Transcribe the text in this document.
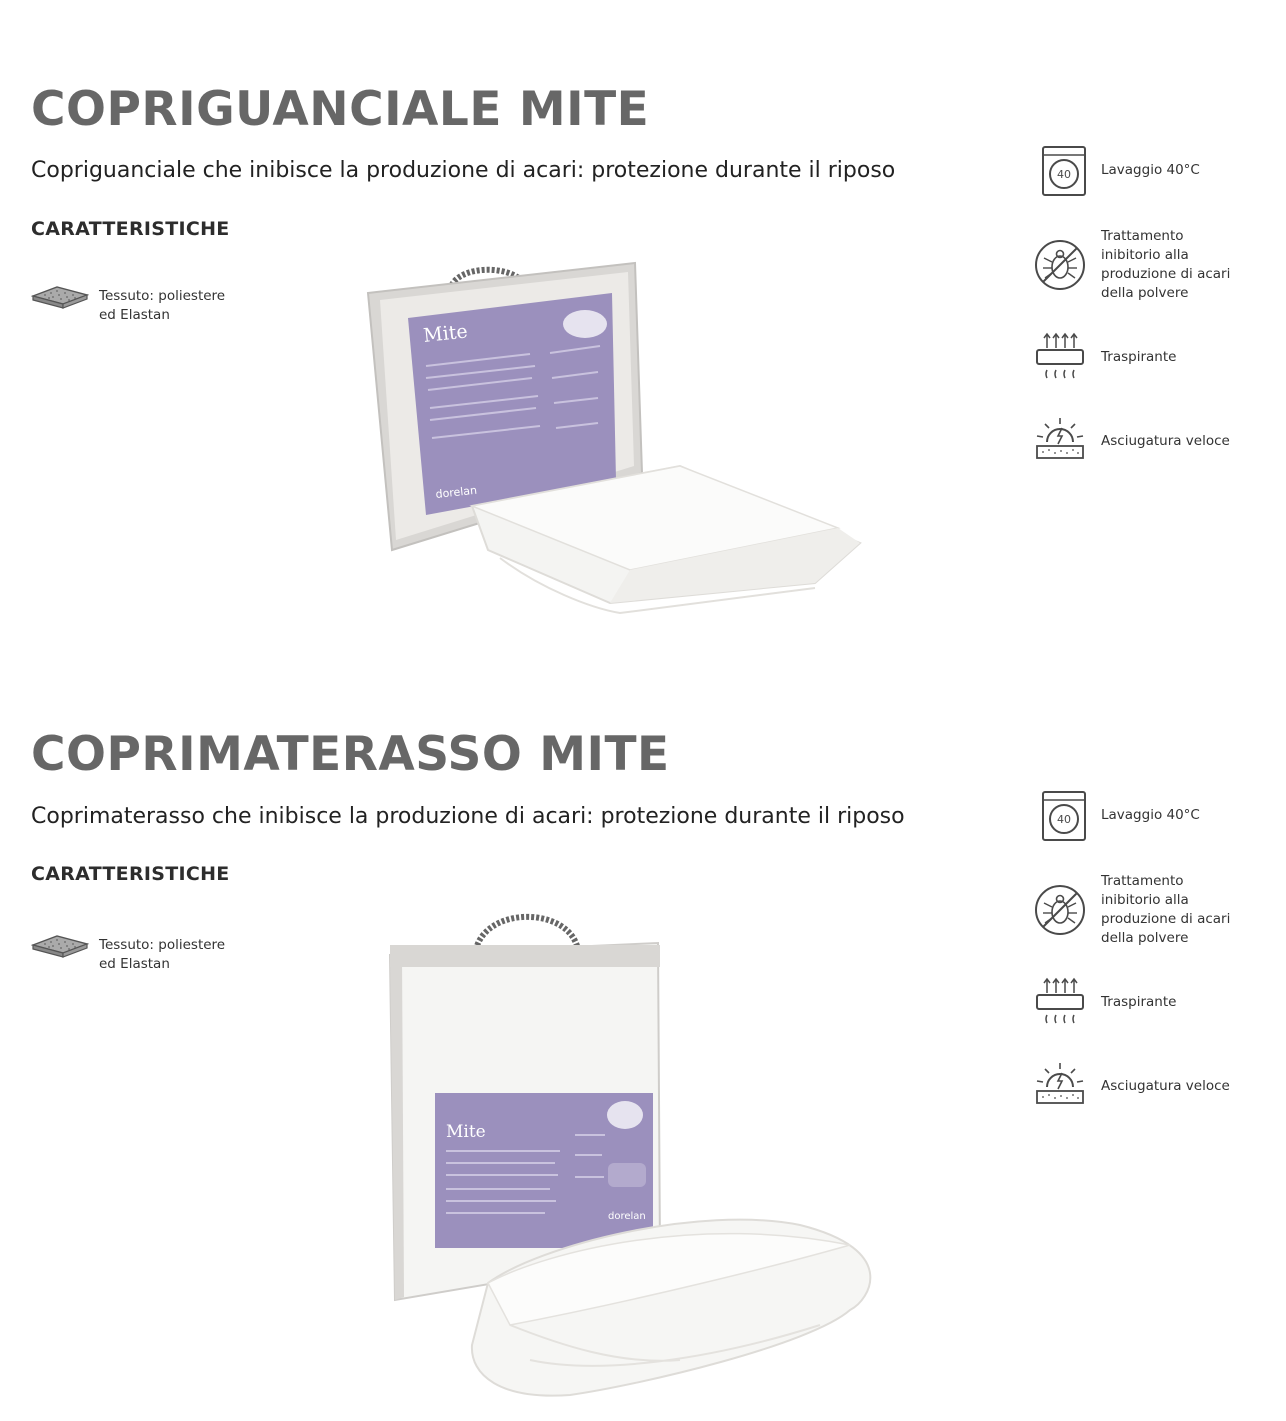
COPRIGUANCIALE MITE

Copriguanciale che inibisce la produzione di acari: protezione durante il riposo

CARATTERISTICHE
Tessuto: poliestere ed Elastan
Mite
dorelan
40 Lavaggio 40°C
Trattamento inibitorio alla produzione di acari della polvere
Traspirante
Asciugatura veloce
COPRIMATERASSO MITE

Coprimaterasso che inibisce la produzione di acari: protezione durante il riposo

CARATTERISTICHE
Tessuto: poliestere ed Elastan
Mite
dorelan
40 Lavaggio 40°C
Trattamento inibitorio alla produzione di acari della polvere
Traspirante
Asciugatura veloce
